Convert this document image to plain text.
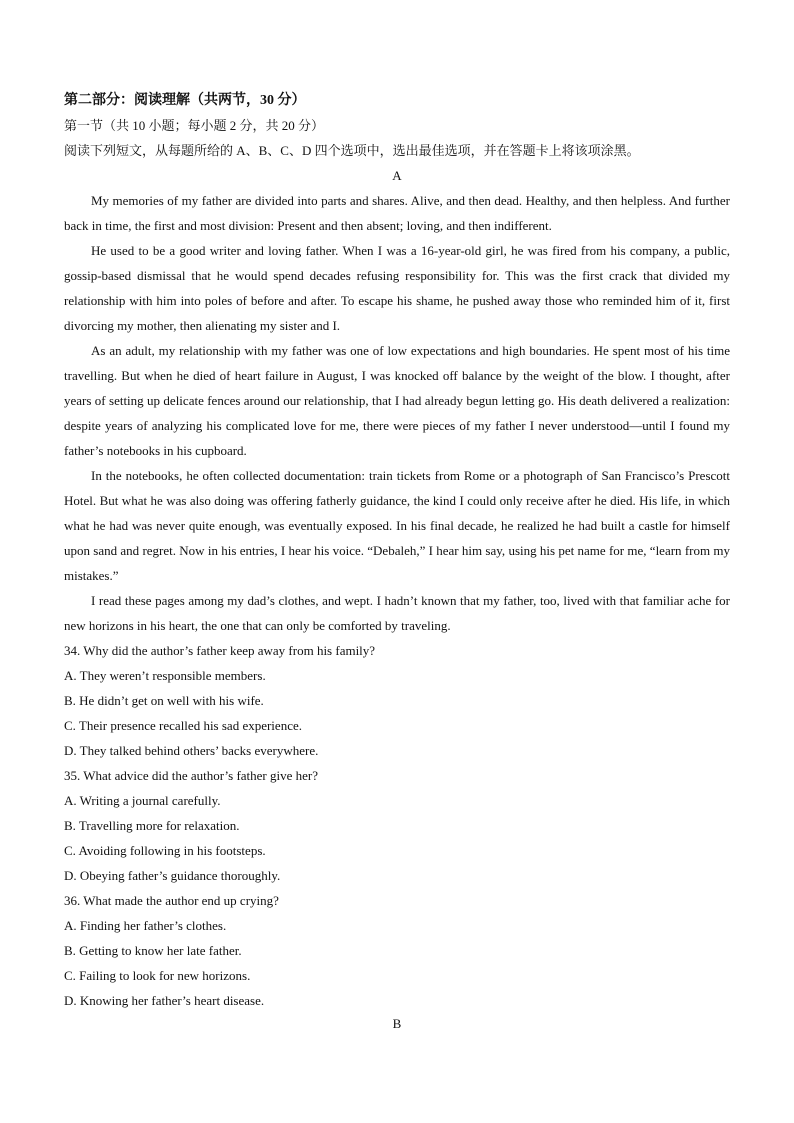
第二部分：阅读理解（共两节，30 分）
第一节（共 10 小题；每小题 2 分，共 20 分）
阅读下列短文，从每题所给的 A、B、C、D 四个选项中，选出最佳选项，并在答题卡上将该项涂黑。
A

My memories of my father are divided into parts and shares. Alive, and then dead. Healthy, and then helpless. And further back in time, the first and most division: Present and then absent; loving, and then indifferent.

He used to be a good writer and loving father. When I was a 16-year-old girl, he was fired from his company, a public, gossip-based dismissal that he would spend decades refusing responsibility for. This was the first crack that divided my relationship with him into poles of before and after. To escape his shame, he pushed away those who reminded him of it, first divorcing my mother, then alienating my sister and I.

As an adult, my relationship with my father was one of low expectations and high boundaries. He spent most of his time travelling. But when he died of heart failure in August, I was knocked off balance by the weight of the blow. I thought, after years of setting up delicate fences around our relationship, that I had already begun letting go. His death delivered a realization: despite years of analyzing his complicated love for me, there were pieces of my father I never understood—until I found my father’s notebooks in his cupboard.

In the notebooks, he often collected documentation: train tickets from Rome or a photograph of San Francisco’s Prescott Hotel. But what he was also doing was offering fatherly guidance, the kind I could only receive after he died. His life, in which what he had was never quite enough, was eventually exposed. In his final decade, he realized he had built a castle for himself upon sand and regret. Now in his entries, I hear his voice. “Debaleh,” I hear him say, using his pet name for me, “learn from my mistakes.”

I read these pages among my dad’s clothes, and wept. I hadn’t known that my father, too, lived with that familiar ache for new horizons in his heart, the one that can only be comforted by traveling.

34. Why did the author’s father keep away from his family?
A. They weren’t responsible members.
B. He didn’t get on well with his wife.
C. Their presence recalled his sad experience.
D. They talked behind others’ backs everywhere.
35. What advice did the author’s father give her?
A. Writing a journal carefully.
B. Travelling more for relaxation.
C. Avoiding following in his footsteps.
D. Obeying father’s guidance thoroughly.
36. What made the author end up crying?
A. Finding her father’s clothes.
B. Getting to know her late father.
C. Failing to look for new horizons.
D. Knowing her father’s heart disease.
B
